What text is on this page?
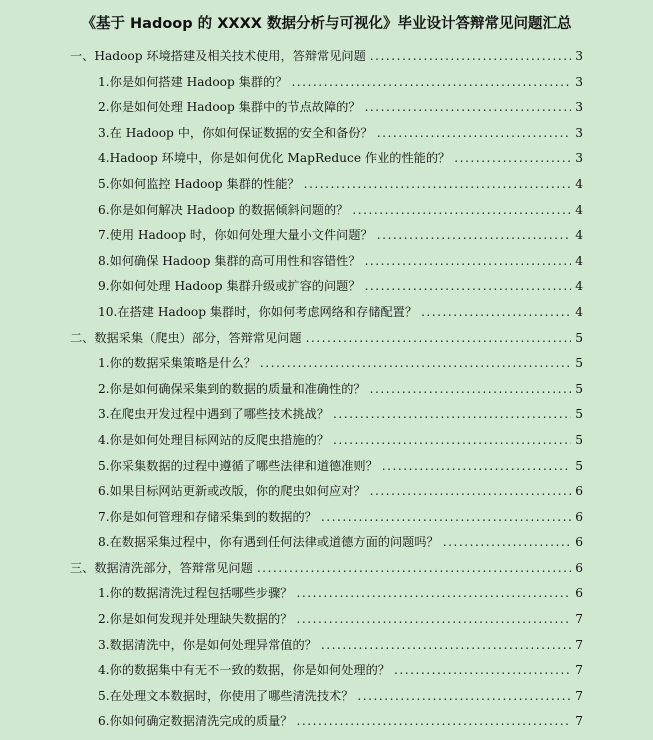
《基于 Hadoop 的 XXXX 数据分析与可视化》毕业设计答辩常见问题汇总
一、Hadoop 环境搭建及相关技术使用，答辩常见问题 .....	3
1.你是如何搭建 Hadoop 集群的？ .....	3
2.你是如何处理 Hadoop 集群中的节点故障的？ .....	3
3.在 Hadoop 中，你如何保证数据的安全和备份？ .....	3
4.Hadoop 环境中，你是如何优化 MapReduce 作业的性能的？ .....	3
5.你如何监控 Hadoop 集群的性能？ .....	4
6.你是如何解决 Hadoop 的数据倾斜问题的？ .....	4
7.使用 Hadoop 时，你如何处理大量小文件问题？ .....	4
8.如何确保 Hadoop 集群的高可用性和容错性？ .....	4
9.你如何处理 Hadoop 集群升级或扩容的问题？ .....	4
10.在搭建 Hadoop 集群时，你如何考虑网络和存储配置？ .....	4
二、数据采集（爬虫）部分，答辩常见问题 .....	5
1.你的数据采集策略是什么？ .....	5
2.你是如何确保采集到的数据的质量和准确性的？ .....	5
3.在爬虫开发过程中遇到了哪些技术挑战？ .....	5
4.你是如何处理目标网站的反爬虫措施的？ .....	5
5.你采集数据的过程中遵循了哪些法律和道德准则？ .....	5
6.如果目标网站更新或改版，你的爬虫如何应对？ .....	6
7.你是如何管理和存储采集到的数据的？ .....	6
8.在数据采集过程中，你有遇到任何法律或道德方面的问题吗？ .....	6
三、数据清洗部分，答辩常见问题 .....	6
1.你的数据清洗过程包括哪些步骤？ .....	6
2.你是如何发现并处理缺失数据的？ .....	7
3.数据清洗中，你是如何处理异常值的？ .....	7
4.你的数据集中有无不一致的数据，你是如何处理的？ .....	7
5.在处理文本数据时，你使用了哪些清洗技术？ .....	7
6.你如何确定数据清洗完成的质量？ .....	7
